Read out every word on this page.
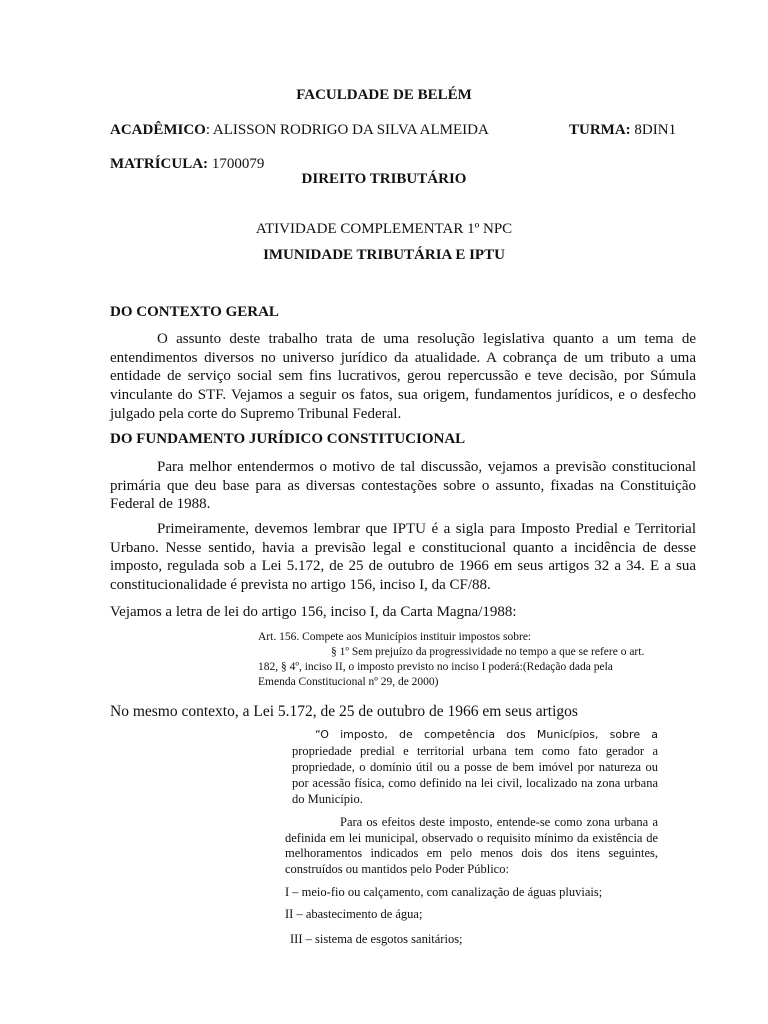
FACULDADE DE BELÉM
ACADÊMICO: ALISSON RODRIGO DA SILVA ALMEIDA	TURMA: 8DIN1
MATRÍCULA: 1700079
DIREITO TRIBUTÁRIO
ATIVIDADE COMPLEMENTAR 1º NPC
IMUNIDADE TRIBUTÁRIA E IPTU
DO CONTEXTO GERAL

O assunto deste trabalho trata de uma resolução legislativa quanto a um tema de entendimentos diversos no universo jurídico da atualidade. A cobrança de um tributo a uma entidade de serviço social sem fins lucrativos, gerou repercussão e teve decisão, por Súmula vinculante do STF. Vejamos a seguir os fatos, sua origem, fundamentos jurídicos, e o desfecho julgado pela corte do Supremo Tribunal Federal.

DO FUNDAMENTO JURÍDICO CONSTITUCIONAL

Para melhor entendermos o motivo de tal discussão, vejamos a previsão constitucional primária que deu base para as diversas contestações sobre o assunto, fixadas na Constituição Federal de 1988.

Primeiramente, devemos lembrar que IPTU é a sigla para Imposto Predial e Territorial Urbano. Nesse sentido, havia a previsão legal e constitucional quanto a incidência de desse imposto, regulada sob a Lei 5.172, de 25 de outubro de 1966 em seus artigos 32 a 34. E a sua constitucionalidade é prevista no artigo 156, inciso I, da CF/88.

Vejamos a letra de lei do artigo 156, inciso I, da Carta Magna/1988:
Art. 156. Compete aos Municípios instituir impostos sobre:
§ 1º Sem prejuízo da progressividade no tempo a que se refere o art.
182, § 4º, inciso II, o imposto previsto no inciso I poderá:(Redação dada pela
Emenda Constitucional nº 29, de 2000)
No mesmo contexto, a Lei 5.172, de 25 de outubro de 1966 em seus artigos
“O imposto, de competência dos Municípios, sobre a
propriedade predial e territorial urbana tem como fato gerador a propriedade, o domínio útil ou a posse de bem imóvel por natureza ou por acessão física, como definido na lei civil, localizado na zona urbana do Município.

Para os efeitos deste imposto, entende-se como zona urbana a definida em lei municipal, observado o requisito mínimo da existência de melhoramentos indicados em pelo menos dois dos itens seguintes, construídos ou mantidos pelo Poder Público:

I – meio-fio ou calçamento, com canalização de águas pluviais;
II – abastecimento de água;
III – sistema de esgotos sanitários;
